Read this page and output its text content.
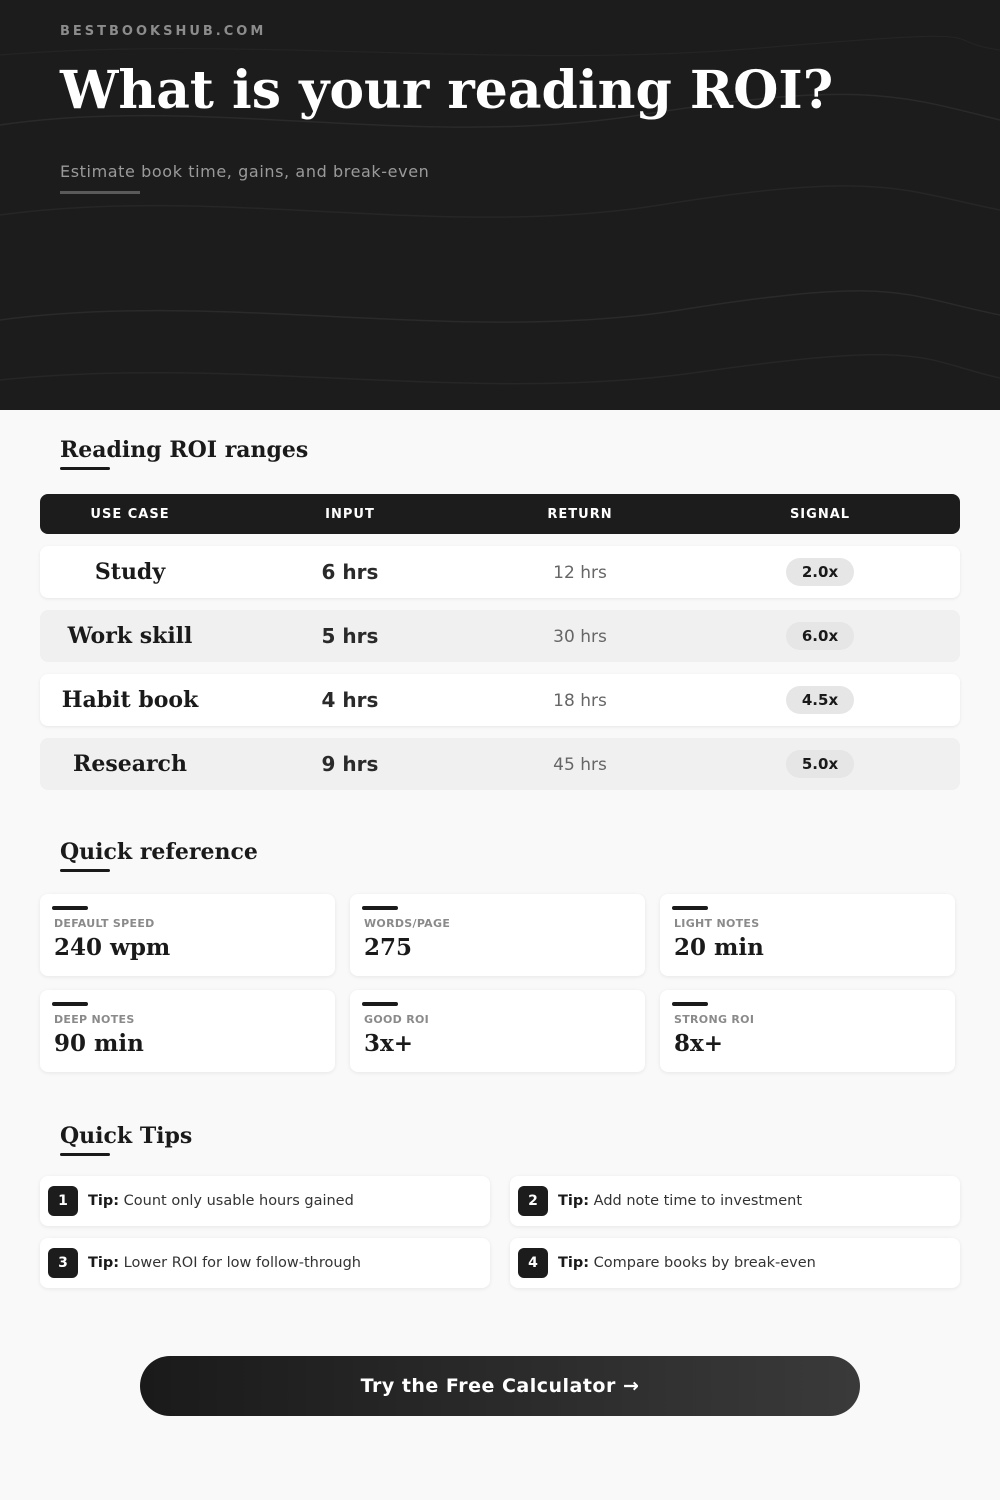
BESTBOOKSHUB.COM
What is your reading ROI?
Estimate book time, gains, and break-even
Reading ROI ranges
USE CASE	INPUT	RETURN	SIGNAL
Study	6 hrs	12 hrs	2.0x
Work skill	5 hrs	30 hrs	6.0x
Habit book	4 hrs	18 hrs	4.5x
Research	9 hrs	45 hrs	5.0x
Quick reference
DEFAULT SPEED
240 wpm
WORDS/PAGE
275
LIGHT NOTES
20 min
DEEP NOTES
90 min
GOOD ROI
3x+
STRONG ROI
8x+
Quick Tips
1	Tip: Count only usable hours gained	2	Tip: Add note time to investment
3	Tip: Lower ROI for low follow-through	4	Tip: Compare books by break-even
Try the Free Calculator →
